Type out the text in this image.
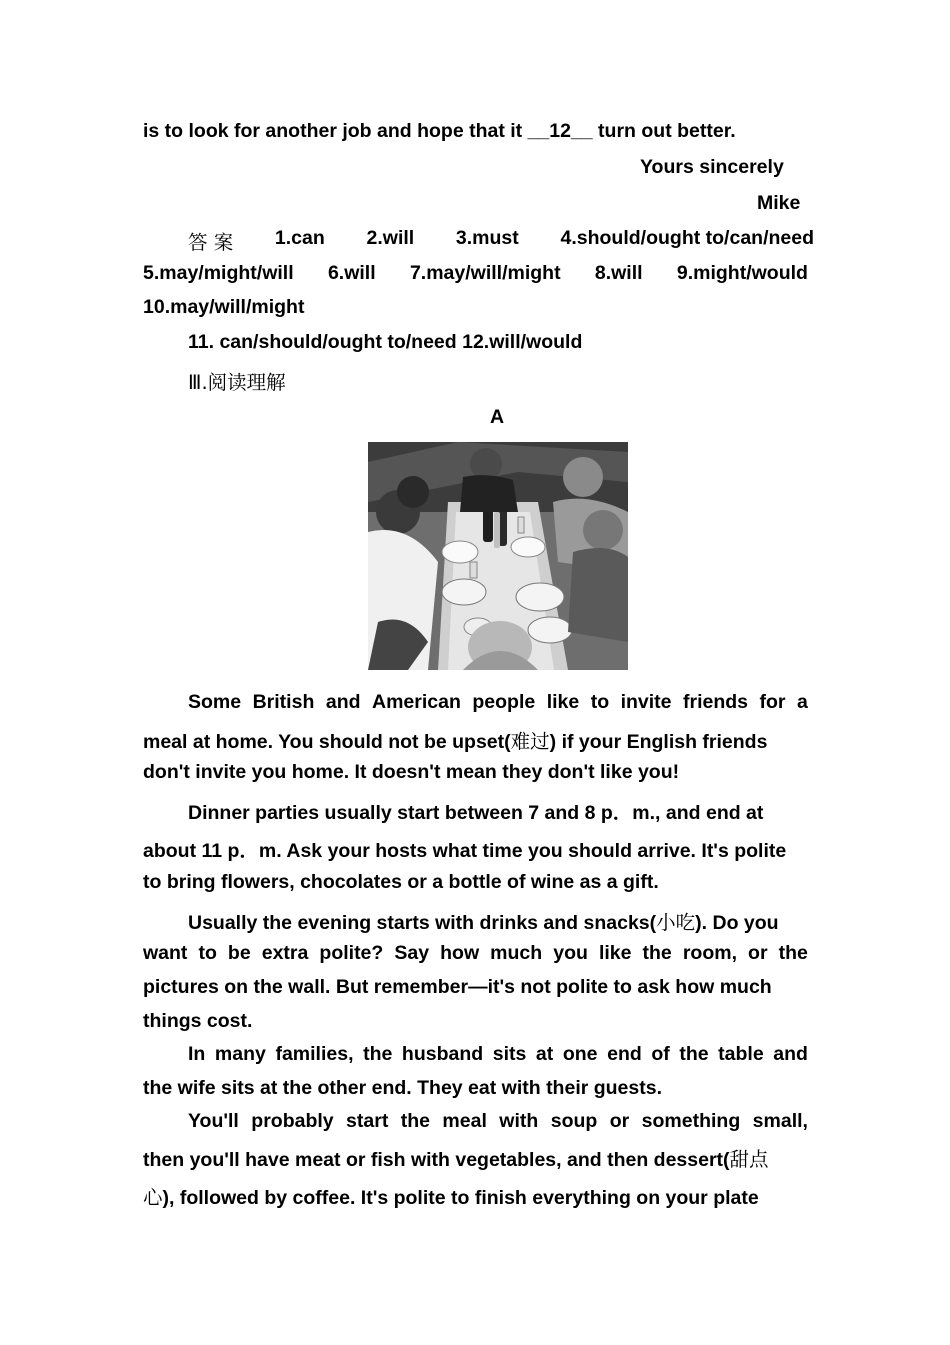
is to look for another job and hope that it __12__ turn out better.
Yours sincerely
Mike
答 案 1.can 2.will 3.must 4.should/ought to/can/need
5.may/might/will 6.will 7.may/will/might 8.will 9.might/would
10.may/will/might
11. can/should/ought to/need 12.will/would
Ⅲ.阅读理解
A
Some British and American people like to invite friends for a
meal at home. You should not be upset(难过) if your English friends
don't invite you home. It doesn't mean they don't like you!
Dinner parties usually start between 7 and 8 p．m., and end at
about 11 p．m. Ask your hosts what time you should arrive. It's polite
to bring flowers, chocolates or a bottle of wine as a gift.
Usually the evening starts with drinks and snacks(小吃). Do you
want to be extra polite? Say how much you like the room, or the
pictures on the wall. But remember—it's not polite to ask how much
things cost.
In many families, the husband sits at one end of the table and
the wife sits at the other end. They eat with their guests.
You'll probably start the meal with soup or something small,
then you'll have meat or fish with vegetables, and then dessert(甜点
心), followed by coffee. It's polite to finish everything on your plate
